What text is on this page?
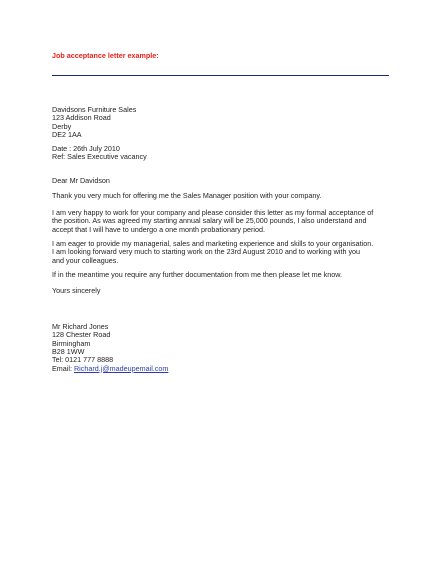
Job acceptance letter example:
Davidsons Furniture Sales
123 Addison Road
Derby
DE2 1AA
Date : 26th July 2010
Ref: Sales Executive vacancy
Dear Mr Davidson
Thank you very much for offering me the Sales Manager position with your company.
I am very happy to work for your company and please consider this letter as my formal acceptance of
the position. As was agreed my starting annual salary will be 25,000 pounds, I also understand and
accept that I will have to undergo a one month probationary period.
I am eager to provide my managerial, sales and marketing experience and skills to your organisation.
I am looking forward very much to starting work on the 23rd August 2010 and to working with you
and your colleagues.
If in the meantime you require any further documentation from me then please let me know.
Yours sincerely
Mr Richard Jones
128 Chester Road
Birmingham
B28 1WW
Tel: 0121 777 8888
Email: Richard.j@madeupemail.com
